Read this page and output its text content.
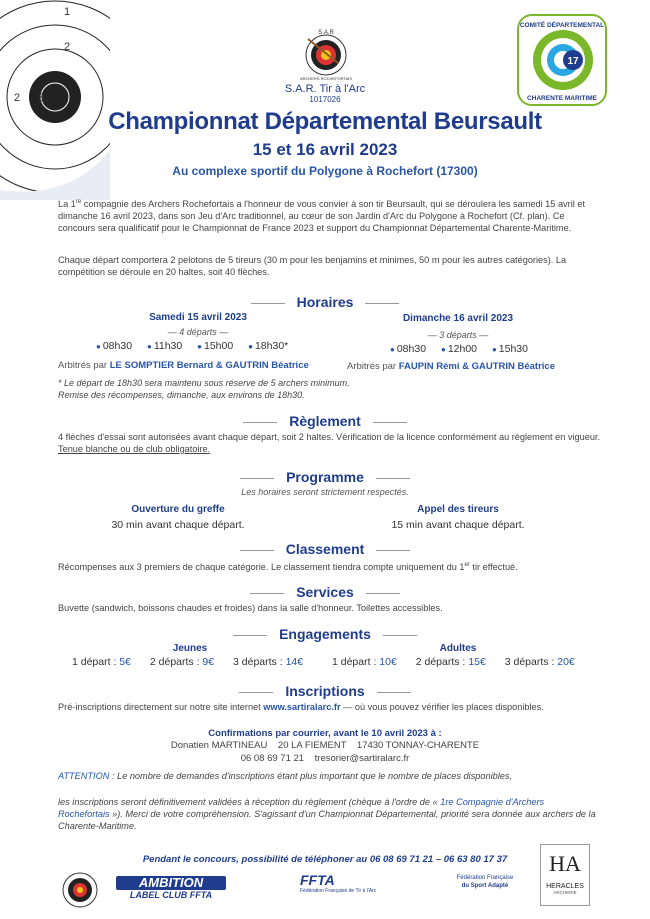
1
2
2 3
S.A.R
ARCHERS ROCHEFORTAIS
S.A.R. Tir à l'Arc
1017026
17
COMITÉ DÉPARTEMENTAL
CHARENTE MARITIME
Championnat Départemental Beursault
15 et 16 avril 2023
Au complexe sportif du Polygone à Rochefort (17300)
La 1re compagnie des Archers Rochefortais a l'honneur de vous convier à son tir Beursault, qui se déroulera les samedi 15 avril et dimanche 16 avril 2023, dans son Jeu d'Arc traditionnel, au cœur de son Jardin d'Arc du Polygone à Rochefort (Cf. plan). Ce concours sera qualificatif pour le Championnat de France 2023 et support du Championnat Départemental Charente-Maritime.
Chaque départ comportera 2 pelotons de 5 tireurs (30 m pour les benjamins et minimes, 50 m pour les autres catégories). La compétition se déroule en 20 haltes, soit 40 flèches.
Horaires
Samedi 15 avril 2023
— 4 départs —
● 08h30 ● 11h30 ● 15h00 ● 18h30*
Arbitrés par LE SOMPTIER Bernard & GAUTRIN Béatrice
Dimanche 16 avril 2023
— 3 départs —
● 08h30 ● 12h00 ● 15h30
Arbitrés par FAUPIN Rémi & GAUTRIN Béatrice
* Le départ de 18h30 sera maintenu sous réserve de 5 archers minimum.
Remise des récompenses, dimanche, aux environs de 18h30.
Règlement
4 flèches d'essai sont autorisées avant chaque départ, soit 2 haltes. Vérification de la licence conformément au règlement en vigueur. Tenue blanche ou de club obligatoire.
Programme
Les horaires seront strictement respectés.
Ouverture du greffe
30 min avant chaque départ.
Appel des tireurs
15 min avant chaque départ.
Classement
Récompenses aux 3 premiers de chaque catégorie. Le classement tiendra compte uniquement du 1er tir effectué.
Services
Buvette (sandwich, boissons chaudes et froides) dans la salle d'honneur. Toilettes accessibles.
Engagements
Jeunes	Adultes
1 départ : 5€ 2 départs : 9€ 3 départs : 14€	1 départ : 10€ 2 départs : 15€ 3 départs : 20€
Inscriptions
Pré-inscriptions directement sur notre site internet www.sartiralarc.fr — où vous pouvez vérifier les places disponibles.
Confirmations par courrier, avant le 10 avril 2023 à :
Donatien MARTINEAU    20 LA FIEMENT    17430 TONNAY-CHARENTE
06 08 69 71 21 tresorier@sartiralarc.fr
ATTENTION : Le nombre de demandes d'inscriptions étant plus important que le nombre de places disponibles,
les inscriptions seront définitivement validées à réception du règlement (chèque à l'ordre de « 1re Compagnie d'Archers Rochefortais »). Merci de votre compréhension. S'agissant d'un Championnat Départemental, priorité sera donnée aux archers de la Charente-Maritime.
Pendant le concours, possibilité de téléphoner au 06 08 69 71 21 – 06 63 80 17 37
AMBITION
LABEL CLUB FFTA
FFTA
Fédération Française de Tir à l'Arc
Fédération Française
du Sport Adapté
HA
HERACLES
ARCHERIE
